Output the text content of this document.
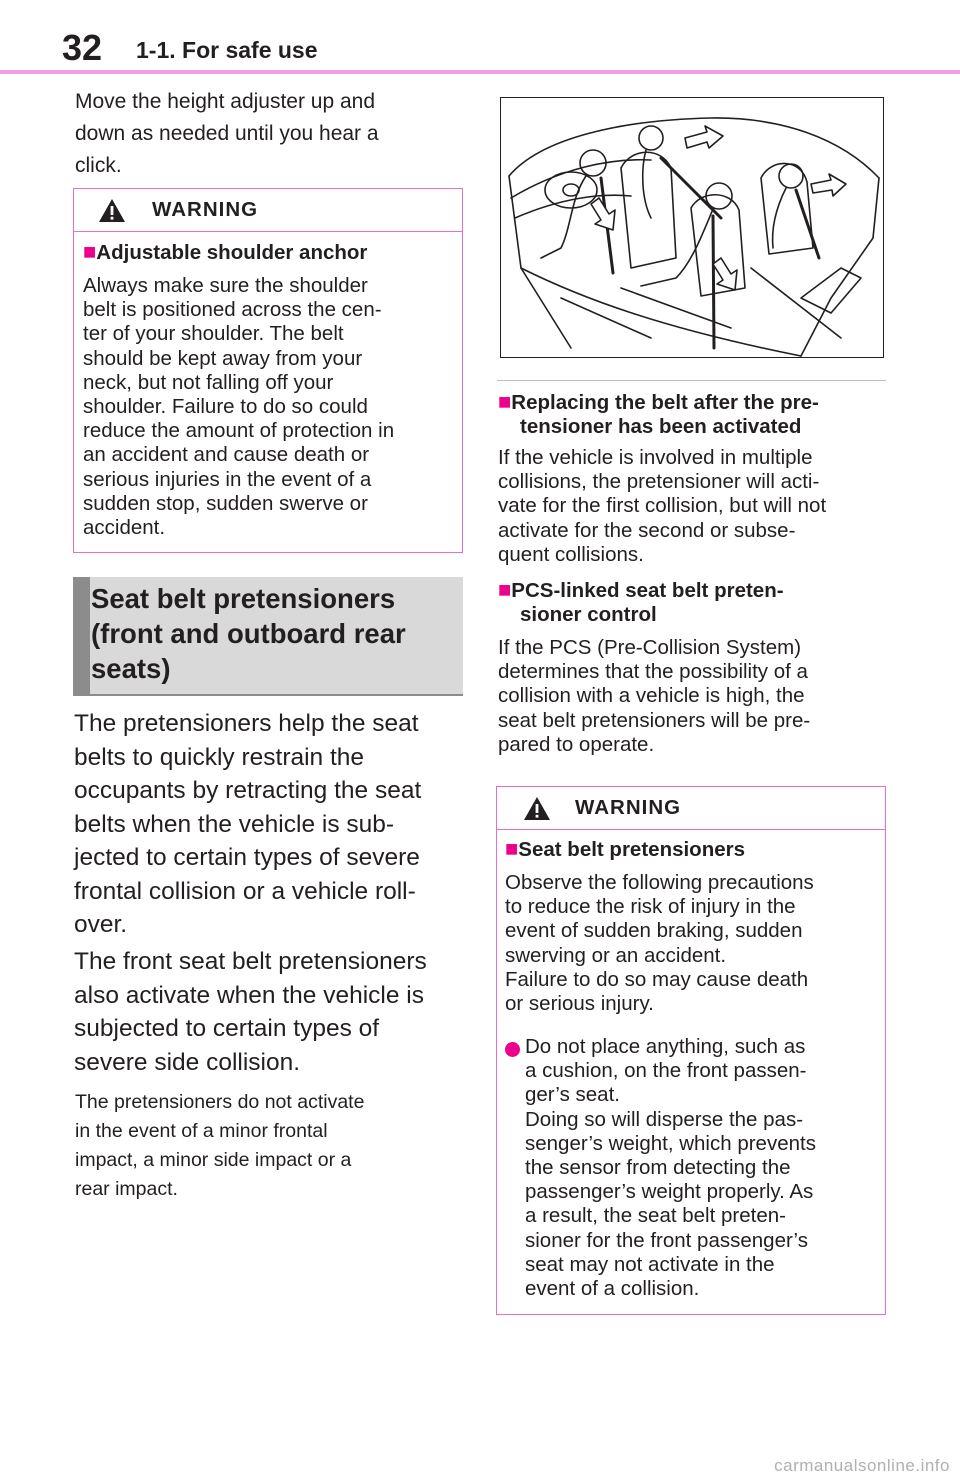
32 1-1. For safe use
Move the height adjuster up and
down as needed until you hear a
click.
WARNING
■Adjustable shoulder anchor
Always make sure the shoulder
belt is positioned across the cen-
ter of your shoulder. The belt
should be kept away from your
neck, but not falling off your
shoulder. Failure to do so could
reduce the amount of protection in
an accident and cause death or
serious injuries in the event of a
sudden stop, sudden swerve or
accident.
Seat belt pretensioners
(front and outboard rear
seats)
The pretensioners help the seat
belts to quickly restrain the
occupants by retracting the seat
belts when the vehicle is sub-
jected to certain types of severe
frontal collision or a vehicle roll-
over.
The front seat belt pretensioners
also activate when the vehicle is
subjected to certain types of
severe side collision.
The pretensioners do not activate
in the event of a minor frontal
impact, a minor side impact or a
rear impact.
■Replacing the belt after the pre-
tensioner has been activated
If the vehicle is involved in multiple
collisions, the pretensioner will acti-
vate for the first collision, but will not
activate for the second or subse-
quent collisions.
■PCS-linked seat belt preten-
sioner control
If the PCS (Pre-Collision System)
determines that the possibility of a
collision with a vehicle is high, the
seat belt pretensioners will be pre-
pared to operate.
WARNING
■Seat belt pretensioners
Observe the following precautions
to reduce the risk of injury in the
event of sudden braking, sudden
swerving or an accident.
Failure to do so may cause death
or serious injury.
Do not place anything, such as
a cushion, on the front passen-
ger’s seat.
Doing so will disperse the pas-
senger’s weight, which prevents
the sensor from detecting the
passenger’s weight properly. As
a result, the seat belt preten-
sioner for the front passenger’s
seat may not activate in the
event of a collision.
carmanualsonline.info
